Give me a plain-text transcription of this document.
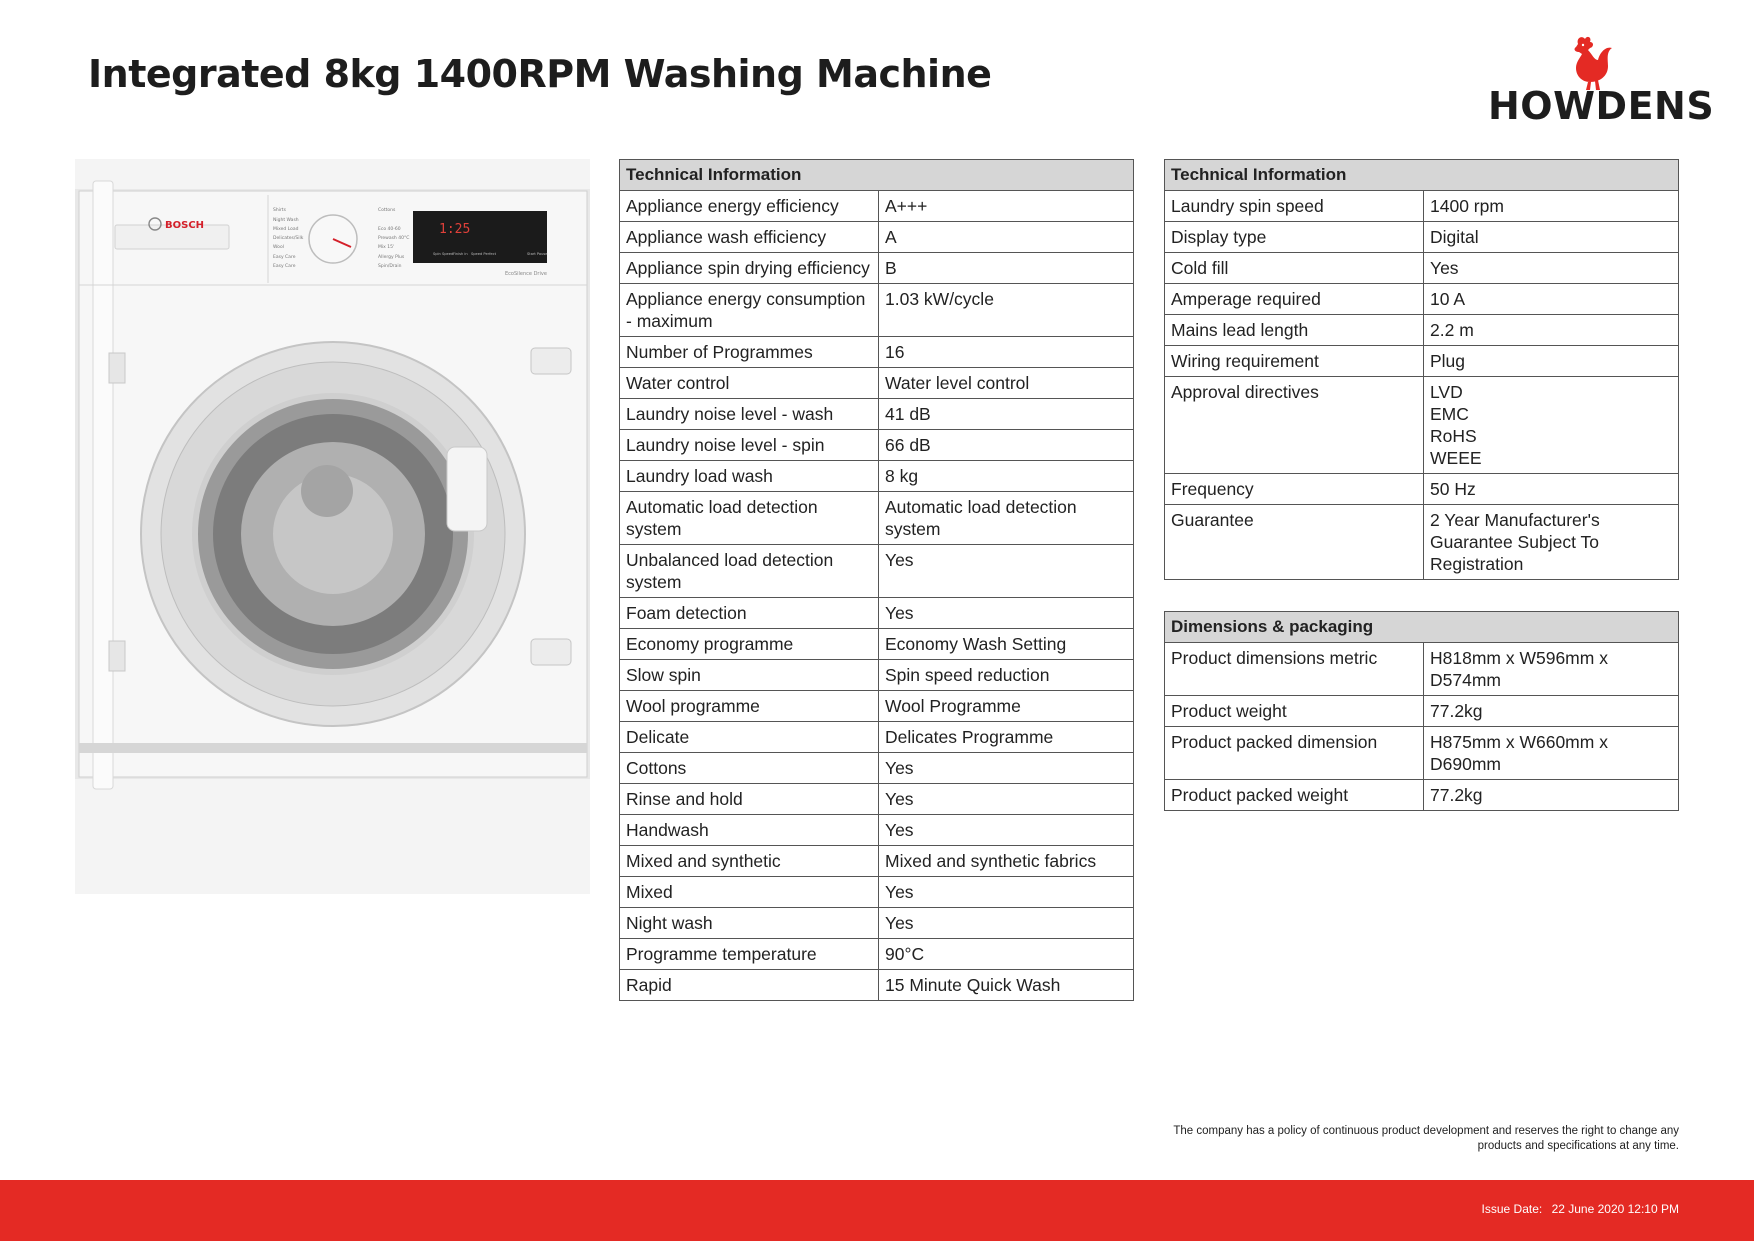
Integrated 8kg 1400RPM Washing Machine
HOWDENS
BOSCH
Shirts
Night Wash
Mixed Load
Delicates/Silk
Wool
Easy Care
Easy Care
Cottons
Eco 40-60
Prewash 40°C
Mix 15'
Allergy Plus
Spin/Drain
1:25
Spin Speed Finish in Speed Perfect	Start Pause
EcoSilence Drive
Technical Information	
Appliance energy efficiency	A+++
Appliance wash efficiency	A
Appliance spin drying efficiency	B
Appliance energy consumption - maximum	1.03 kW/cycle
Number of Programmes	16
Water control	Water level control
Laundry noise level - wash	41 dB
Laundry noise level - spin	66 dB
Laundry load wash	8 kg
Automatic load detection system	Automatic load detection system
Unbalanced load detection system	Yes
Foam detection	Yes
Economy programme	Economy Wash Setting
Slow spin	Spin speed reduction
Wool programme	Wool Programme
Delicate	Delicates Programme
Cottons	Yes
Rinse and hold	Yes
Handwash	Yes
Mixed and synthetic	Mixed and synthetic fabrics
Mixed	Yes
Night wash	Yes
Programme temperature	90°C
Rapid	15 Minute Quick Wash
Technical Information	
Laundry spin speed	1400 rpm
Display type	Digital
Cold fill	Yes
Amperage required	10 A
Mains lead length	2.2 m
Wiring requirement	Plug
Approval directives	LVD
EMC
RoHS
WEEE
Frequency	50 Hz
Guarantee	2 Year Manufacturer's Guarantee Subject To Registration
Dimensions & packaging	
Product dimensions metric	H818mm x W596mm x D574mm
Product weight	77.2kg
Product packed dimension	H875mm x W660mm x D690mm
Product packed weight	77.2kg
The company has a policy of continuous product development and reserves the right to change any products and specifications at any time.
Issue Date: 22 June 2020 12:10 PM
